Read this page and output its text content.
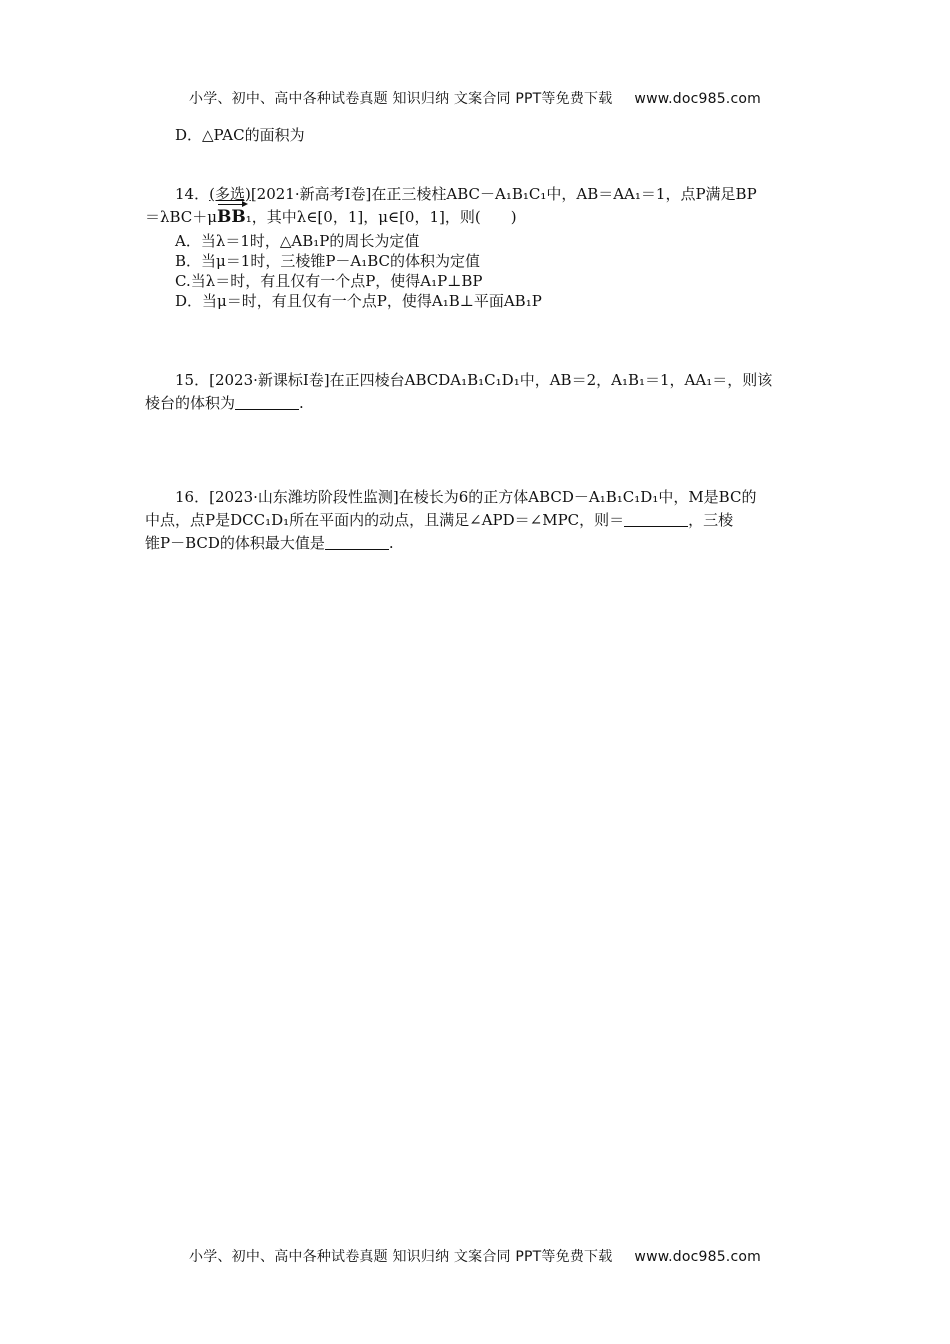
小学、初中、高中各种试卷真题 知识归纳 文案合同 PPT等免费下载 www.doc985.com
D．△PAC的面积为
14．(多选)[2021·新高考Ⅰ卷]在正三棱柱ABC－A₁B₁C₁中，AB＝AA₁＝1，点P满足BP
＝λBC＋μBB₁，其中λ∈[0，1]，μ∈[0，1]，则(　　)
A．当λ＝1时，△AB₁P的周长为定值
B．当μ＝1时，三棱锥P－A₁BC的体积为定值
C.当λ＝时，有且仅有一个点P，使得A₁P⊥BP
D．当μ＝时，有且仅有一个点P，使得A₁B⊥平面AB₁P
15．[2023·新课标Ⅰ卷]在正四棱台ABCDA₁B₁C₁D₁中，AB＝2，A₁B₁＝1，AA₁＝，则该
棱台的体积为	.
16．[2023·山东潍坊阶段性监测]在棱长为6的正方体ABCD－A₁B₁C₁D₁中，M是BC的
中点，点P是DCC₁D₁所在平面内的动点，且满足∠APD＝∠MPC，则＝	，三棱
锥P－BCD的体积最大值是	.
小学、初中、高中各种试卷真题 知识归纳 文案合同 PPT等免费下载 www.doc985.com
